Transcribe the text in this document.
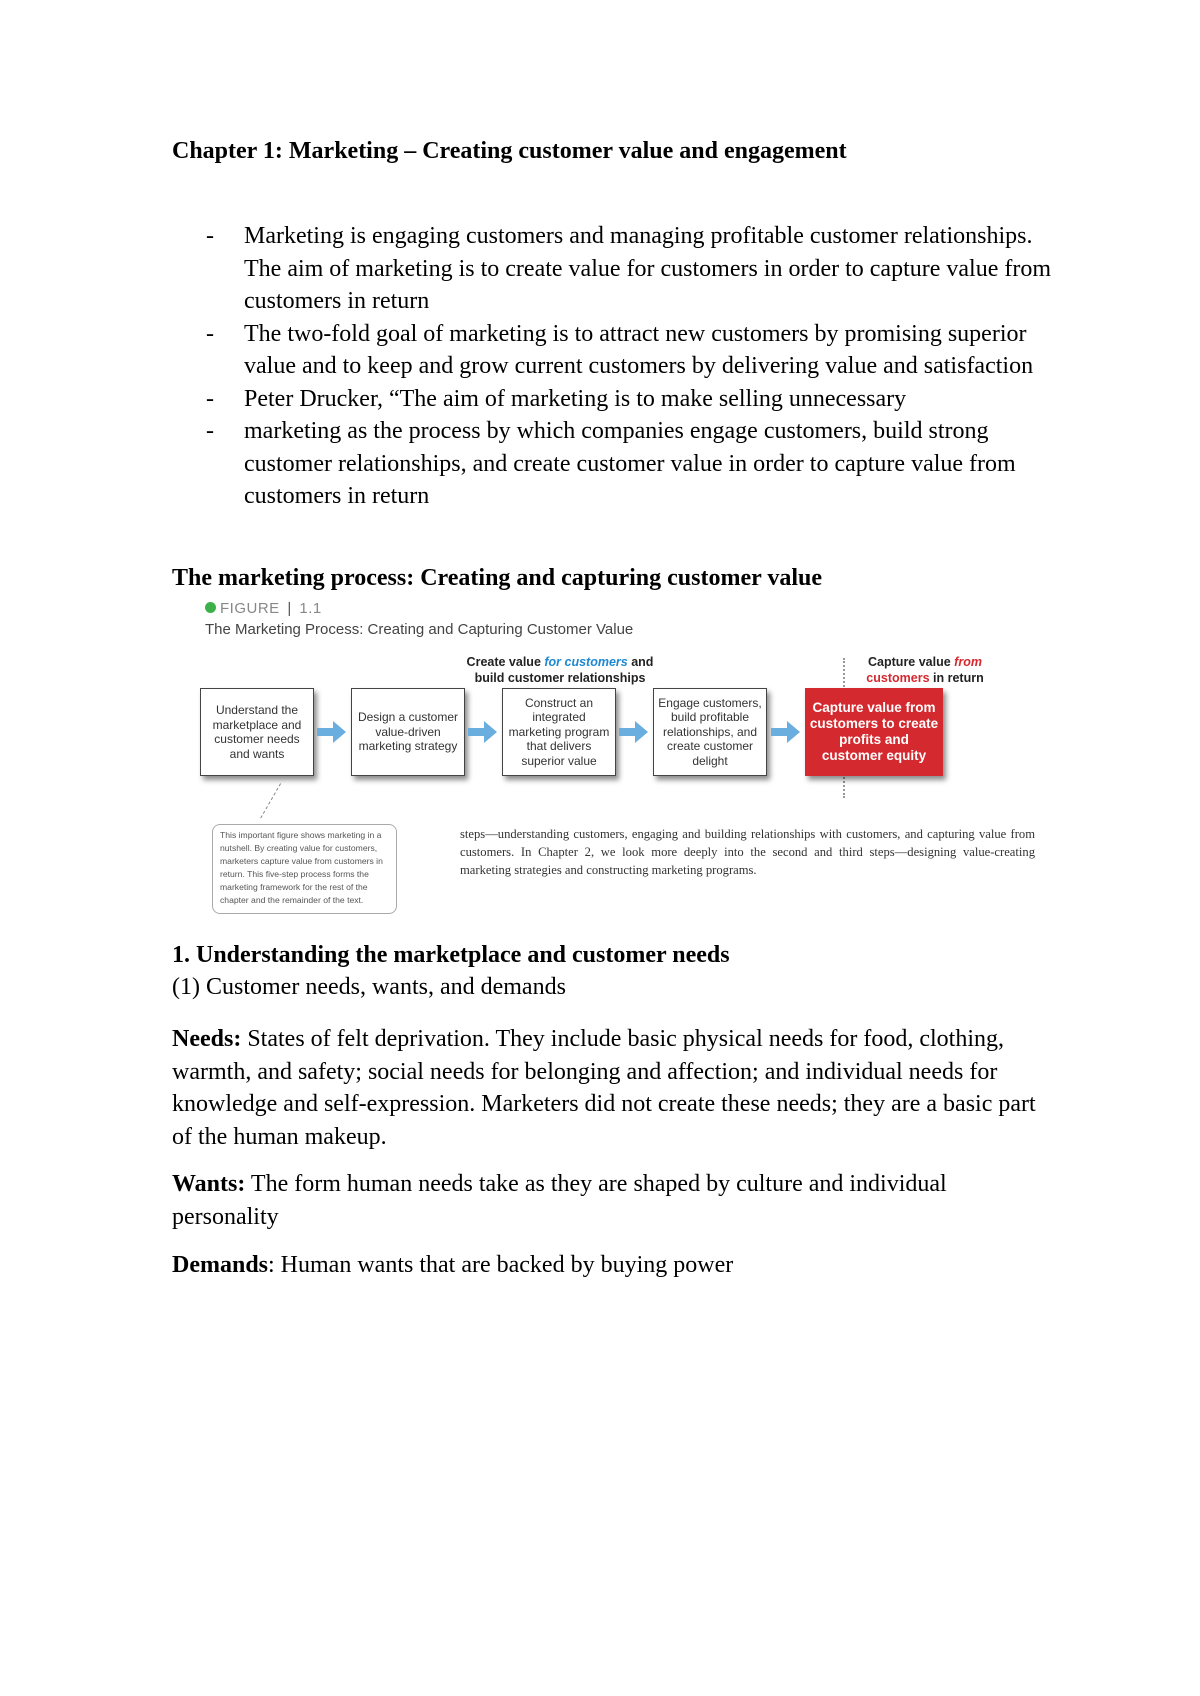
Chapter 1: Marketing – Creating customer value and engagement
- Marketing is engaging customers and managing profitable customer relationships. The aim of marketing is to create value for customers in order to capture value from customers in return
- The two-fold goal of marketing is to attract new customers by promising superior value and to keep and grow current customers by delivering value and satisfaction
- Peter Drucker, “The aim of marketing is to make selling unnecessary
- marketing as the process by which companies engage customers, build strong customer relationships, and create customer value in order to capture value from customers in return
The marketing process: Creating and capturing customer value
FIGURE | 1.1
The Marketing Process: Creating and Capturing Customer Value
Create value for customers and
build customer relationships
Capture value from
customers in return
Understand the marketplace and customer needs and wants
Design a customer value-driven marketing strategy
Construct an integrated marketing program that delivers superior value
Engage customers, build profitable relationships, and create customer delight
Capture value from customers to create profits and customer equity
This important figure shows marketing in a nutshell. By creating value for customers, marketers capture value from customers in return. This five-step process forms the marketing framework for the rest of the chapter and the remainder of the text.
steps—understanding customers, engaging and building relationships with customers, and capturing value from customers. In Chapter 2, we look more deeply into the second and third steps—designing value-creating marketing strategies and constructing marketing programs.
1. Understanding the marketplace and customer needs
(1) Customer needs, wants, and demands

Needs: States of felt deprivation. They include basic physical needs for food, clothing, warmth, and safety; social needs for belonging and affection; and individual needs for knowledge and self-expression. Marketers did not create these needs; they are a basic part of the human makeup.

Wants: The form human needs take as they are shaped by culture and individual personality

Demands: Human wants that are backed by buying power
